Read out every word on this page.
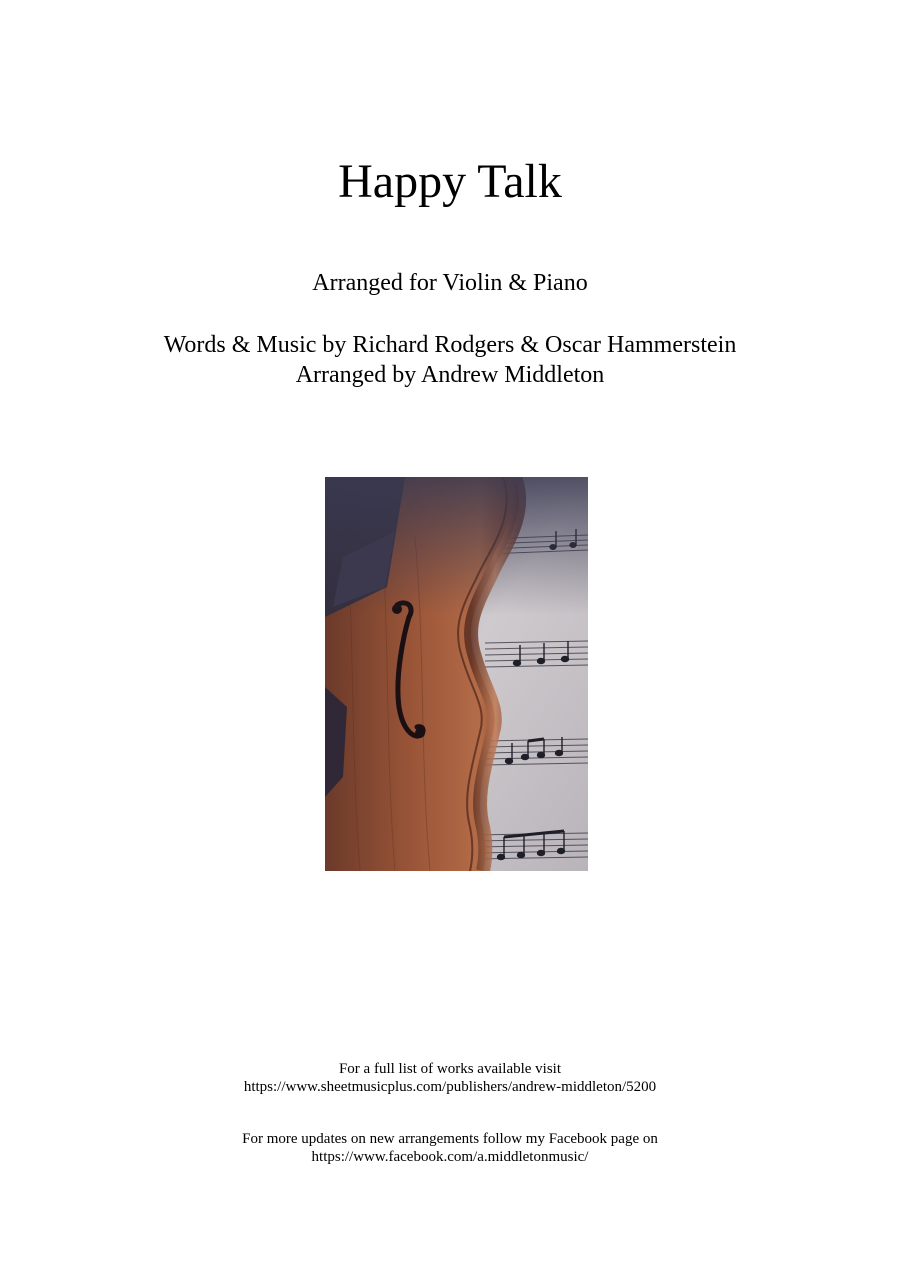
Happy Talk
Arranged for Violin & Piano
Words & Music by Richard Rodgers & Oscar Hammerstein
Arranged by Andrew Middleton
For a full list of works available visit
https://www.sheetmusicplus.com/publishers/andrew-middleton/5200
For more updates on new arrangements follow my Facebook page on
https://www.facebook.com/a.middletonmusic/
